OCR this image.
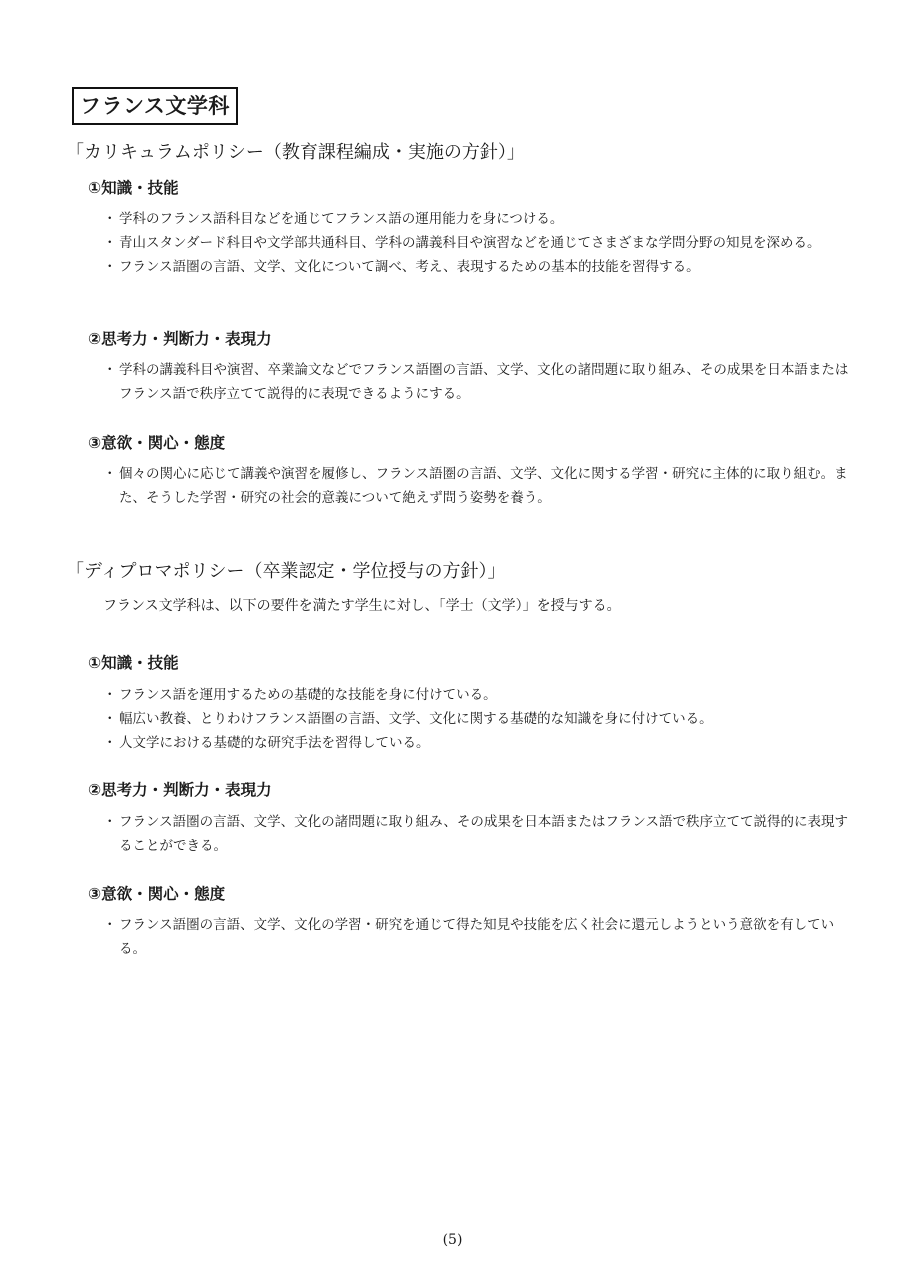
フランス文学科
「カリキュラムポリシー（教育課程編成・実施の方針）」
①知識・技能
・ 学科のフランス語科目などを通じてフランス語の運用能力を身につける。
・ 青山スタンダード科目や文学部共通科目、学科の講義科目や演習などを通じてさまざまな学問分野の知見を深める。
・ フランス語圏の言語、文学、文化について調べ、考え、表現するための基本的技能を習得する。
②思考力・判断力・表現力
・ 学科の講義科目や演習、卒業論文などでフランス語圏の言語、文学、文化の諸問題に取り組み、その成果を日本語またはフランス語で秩序立てて説得的に表現できるようにする。
③意欲・関心・態度
・ 個々の関心に応じて講義や演習を履修し、フランス語圏の言語、文学、文化に関する学習・研究に主体的に取り組む。また、そうした学習・研究の社会的意義について絶えず問う姿勢を養う。
「ディプロマポリシー（卒業認定・学位授与の方針）」
フランス文学科は、以下の要件を満たす学生に対し、「学士（文学）」を授与する。
①知識・技能
・ フランス語を運用するための基礎的な技能を身に付けている。
・ 幅広い教養、とりわけフランス語圏の言語、文学、文化に関する基礎的な知識を身に付けている。
・ 人文学における基礎的な研究手法を習得している。
②思考力・判断力・表現力
・ フランス語圏の言語、文学、文化の諸問題に取り組み、その成果を日本語またはフランス語で秩序立てて説得的に表現することができる。
③意欲・関心・態度
・ フランス語圏の言語、文学、文化の学習・研究を通じて得た知見や技能を広く社会に還元しようという意欲を有している。
(5)
